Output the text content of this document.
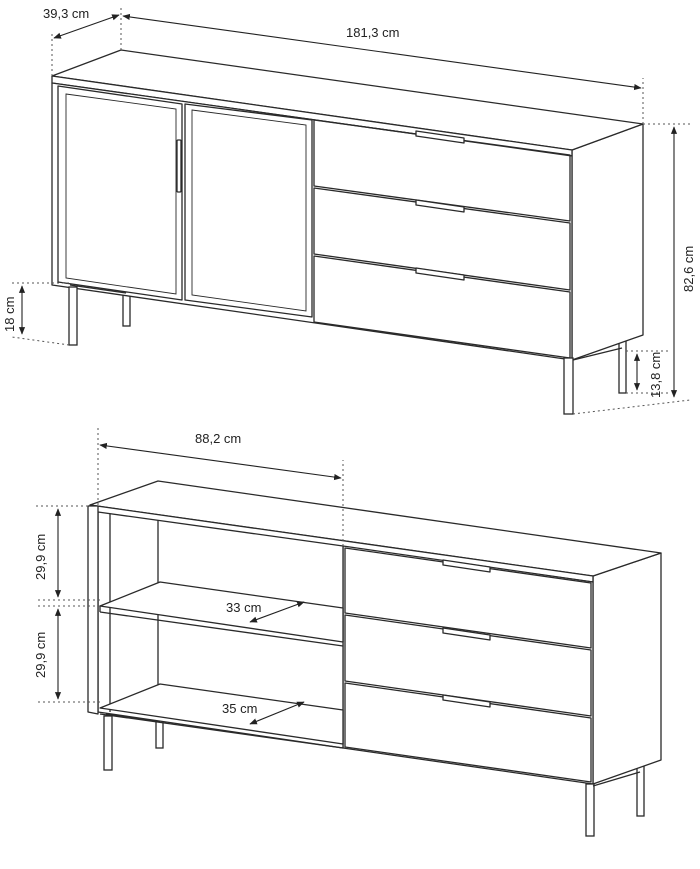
39,3 cm
181,3 cm
82,6 cm
18 cm
13,8 cm
88,2 cm
29,9 cm
29,9 cm
33 cm
35 cm
